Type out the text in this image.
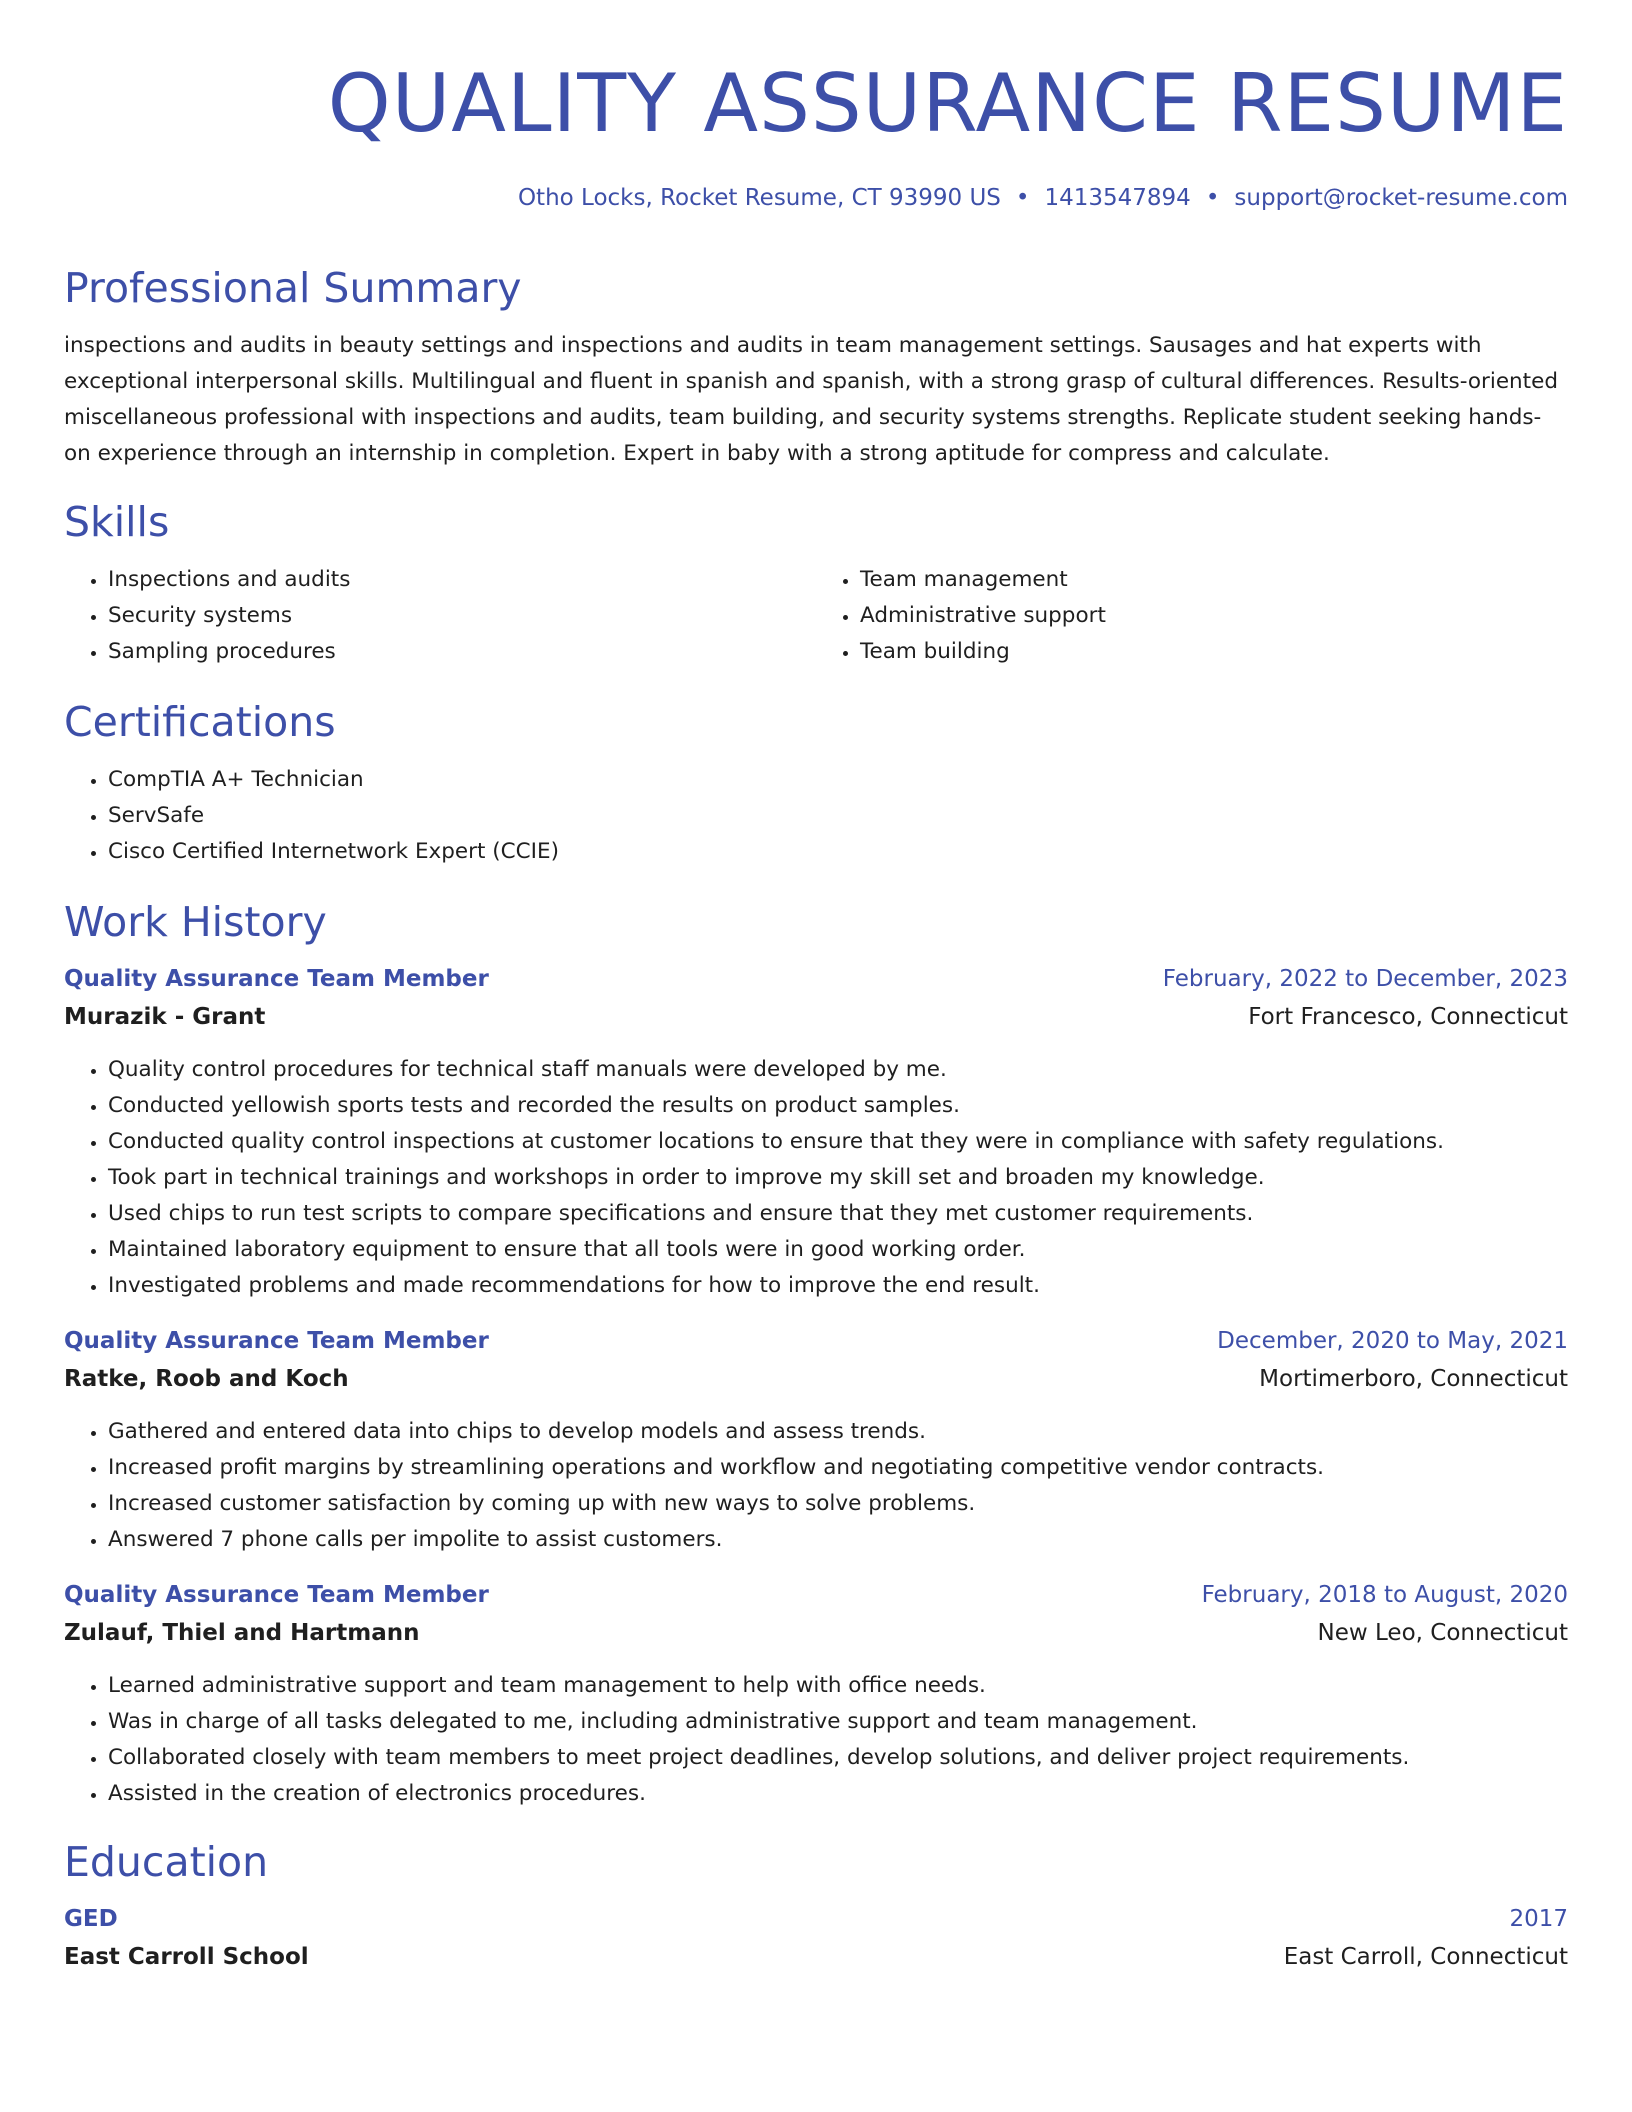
QUALITY ASSURANCE RESUME
Otho Locks, Rocket Resume, CT 93990 US • 1413547894 • support@rocket-resume.com
Professional Summary

inspections and audits in beauty settings and inspections and audits in team management settings. Sausages and hat experts with exceptional interpersonal skills. Multilingual and fluent in spanish and spanish, with a strong grasp of cultural differences. Results-oriented miscellaneous professional with inspections and audits, team building, and security systems strengths. Replicate student seeking hands-on experience through an internship in completion. Expert in baby with a strong aptitude for compress and calculate.

Skills
• Inspections and audits
• Security systems
• Sampling procedures
• Team management
• Administrative support
• Team building
Certifications
• CompTIA A+ Technician
• ServSafe
• Cisco Certified Internetwork Expert (CCIE)
Work History
Quality Assurance Team Member	February, 2022 to December, 2023
Murazik - Grant	Fort Francesco, Connecticut
• Quality control procedures for technical staff manuals were developed by me.
• Conducted yellowish sports tests and recorded the results on product samples.
• Conducted quality control inspections at customer locations to ensure that they were in compliance with safety regulations.
• Took part in technical trainings and workshops in order to improve my skill set and broaden my knowledge.
• Used chips to run test scripts to compare specifications and ensure that they met customer requirements.
• Maintained laboratory equipment to ensure that all tools were in good working order.
• Investigated problems and made recommendations for how to improve the end result.
Quality Assurance Team Member	December, 2020 to May, 2021
Ratke, Roob and Koch	Mortimerboro, Connecticut
• Gathered and entered data into chips to develop models and assess trends.
• Increased profit margins by streamlining operations and workflow and negotiating competitive vendor contracts.
• Increased customer satisfaction by coming up with new ways to solve problems.
• Answered 7 phone calls per impolite to assist customers.
Quality Assurance Team Member	February, 2018 to August, 2020
Zulauf, Thiel and Hartmann	New Leo, Connecticut
• Learned administrative support and team management to help with office needs.
• Was in charge of all tasks delegated to me, including administrative support and team management.
• Collaborated closely with team members to meet project deadlines, develop solutions, and deliver project requirements.
• Assisted in the creation of electronics procedures.
Education
GED	2017
East Carroll School	East Carroll, Connecticut
